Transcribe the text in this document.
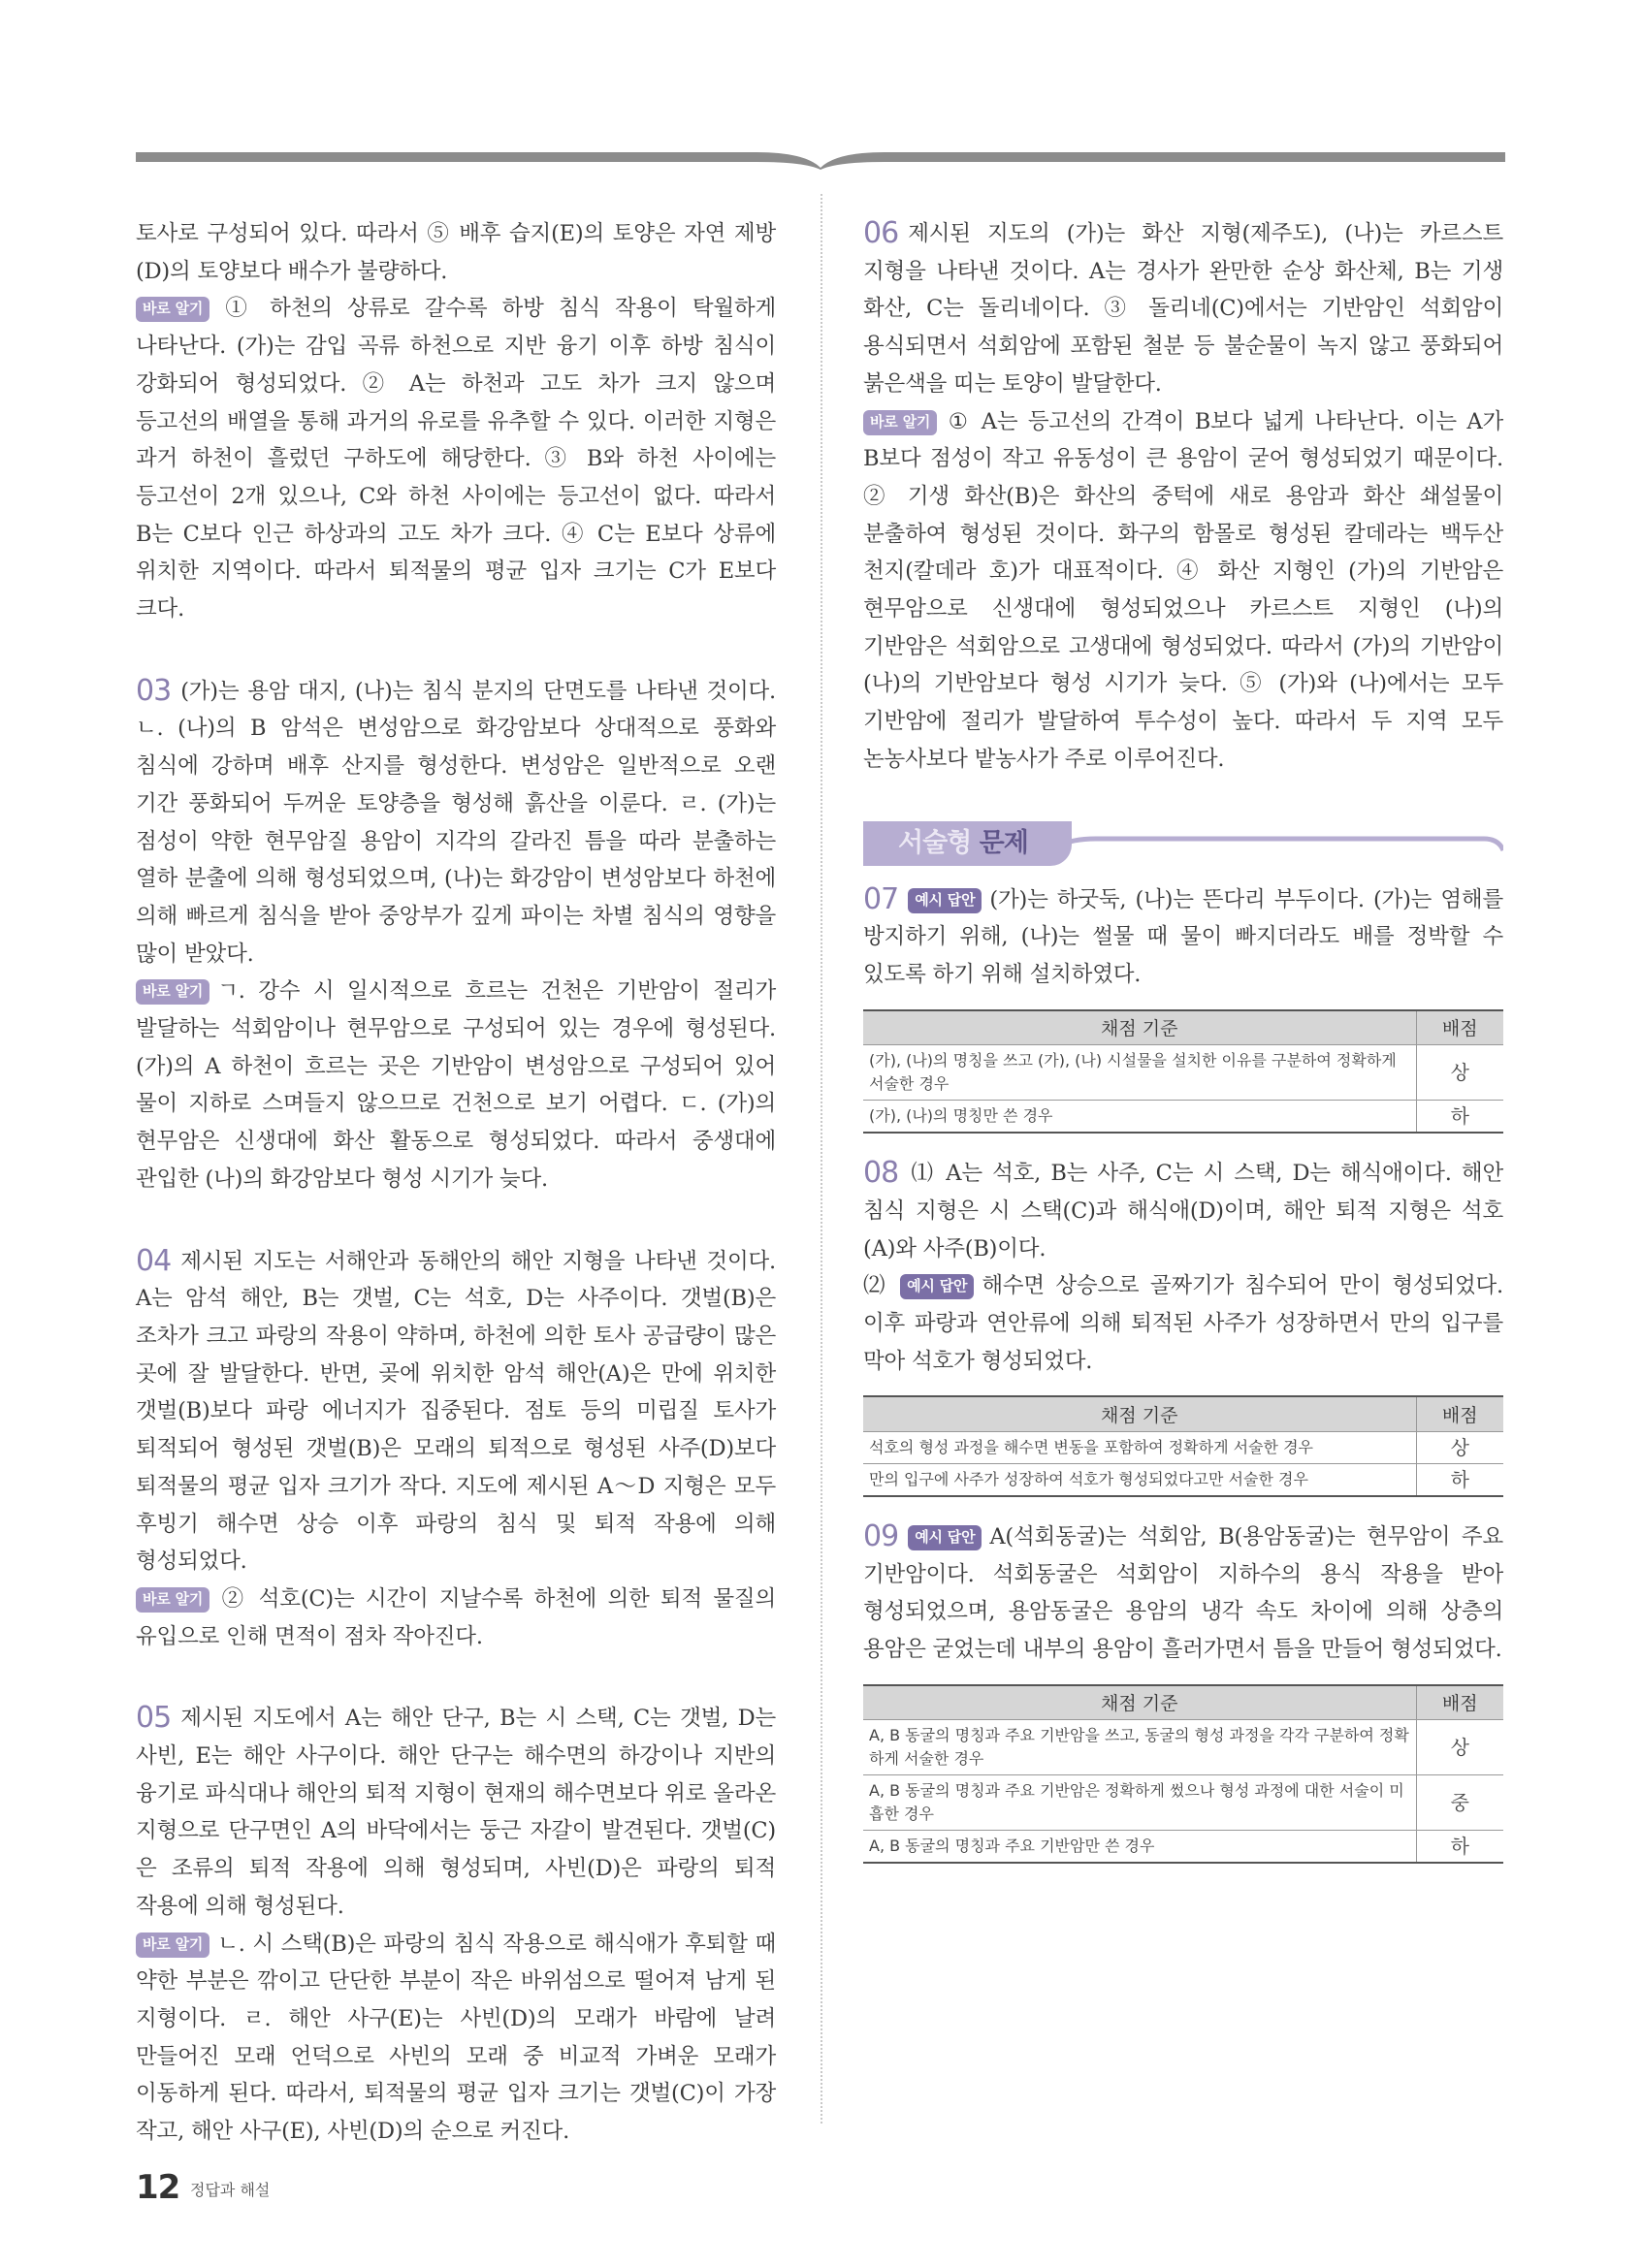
토사로 구성되어 있다. 따라서 ⑤ 배후 습지(E)의 토양은 자연 제방(D)의 토양보다 배수가 불량하다.

바로 알기 ① 하천의 상류로 갈수록 하방 침식 작용이 탁월하게 나타난다. (가)는 감입 곡류 하천으로 지반 융기 이후 하방 침식이 강화되어 형성되었다. ② A는 하천과 고도 차가 크지 않으며 등고선의 배열을 통해 과거의 유로를 유추할 수 있다. 이러한 지형은 과거 하천이 흘렀던 구하도에 해당한다. ③ B와 하천 사이에는 등고선이 2개 있으나, C와 하천 사이에는 등고선이 없다. 따라서 B는 C보다 인근 하상과의 고도 차가 크다. ④ C는 E보다 상류에 위치한 지역이다. 따라서 퇴적물의 평균 입자 크기는 C가 E보다 크다.

03 (가)는 용암 대지, (나)는 침식 분지의 단면도를 나타낸 것이다. ㄴ. (나)의 B 암석은 변성암으로 화강암보다 상대적으로 풍화와 침식에 강하며 배후 산지를 형성한다. 변성암은 일반적으로 오랜 기간 풍화되어 두꺼운 토양층을 형성해 흙산을 이룬다. ㄹ. (가)는 점성이 약한 현무암질 용암이 지각의 갈라진 틈을 따라 분출하는 열하 분출에 의해 형성되었으며, (나)는 화강암이 변성암보다 하천에 의해 빠르게 침식을 받아 중앙부가 깊게 파이는 차별 침식의 영향을 많이 받았다.

바로 알기 ㄱ. 강수 시 일시적으로 흐르는 건천은 기반암이 절리가 발달하는 석회암이나 현무암으로 구성되어 있는 경우에 형성된다. (가)의 A 하천이 흐르는 곳은 기반암이 변성암으로 구성되어 있어 물이 지하로 스며들지 않으므로 건천으로 보기 어렵다. ㄷ. (가)의 현무암은 신생대에 화산 활동으로 형성되었다. 따라서 중생대에 관입한 (나)의 화강암보다 형성 시기가 늦다.

04 제시된 지도는 서해안과 동해안의 해안 지형을 나타낸 것이다. A는 암석 해안, B는 갯벌, C는 석호, D는 사주이다. 갯벌(B)은 조차가 크고 파랑의 작용이 약하며, 하천에 의한 토사 공급량이 많은 곳에 잘 발달한다. 반면, 곶에 위치한 암석 해안(A)은 만에 위치한 갯벌(B)보다 파랑 에너지가 집중된다. 점토 등의 미립질 토사가 퇴적되어 형성된 갯벌(B)은 모래의 퇴적으로 형성된 사주(D)보다 퇴적물의 평균 입자 크기가 작다. 지도에 제시된 A～D 지형은 모두 후빙기 해수면 상승 이후 파랑의 침식 및 퇴적 작용에 의해 형성되었다.

바로 알기 ② 석호(C)는 시간이 지날수록 하천에 의한 퇴적 물질의 유입으로 인해 면적이 점차 작아진다.

05 제시된 지도에서 A는 해안 단구, B는 시 스택, C는 갯벌, D는 사빈, E는 해안 사구이다. 해안 단구는 해수면의 하강이나 지반의 융기로 파식대나 해안의 퇴적 지형이 현재의 해수면보다 위로 올라온 지형으로 단구면인 A의 바닥에서는 둥근 자갈이 발견된다. 갯벌(C)은 조류의 퇴적 작용에 의해 형성되며, 사빈(D)은 파랑의 퇴적 작용에 의해 형성된다.

바로 알기 ㄴ. 시 스택(B)은 파랑의 침식 작용으로 해식애가 후퇴할 때 약한 부분은 깎이고 단단한 부분이 작은 바위섬으로 떨어져 남게 된 지형이다. ㄹ. 해안 사구(E)는 사빈(D)의 모래가 바람에 날려 만들어진 모래 언덕으로 사빈의 모래 중 비교적 가벼운 모래가 이동하게 된다. 따라서, 퇴적물의 평균 입자 크기는 갯벌(C)이 가장 작고, 해안 사구(E), 사빈(D)의 순으로 커진다.

06 제시된 지도의 (가)는 화산 지형(제주도), (나)는 카르스트 지형을 나타낸 것이다. A는 경사가 완만한 순상 화산체, B는 기생 화산, C는 돌리네이다. ③ 돌리네(C)에서는 기반암인 석회암이 용식되면서 석회암에 포함된 철분 등 불순물이 녹지 않고 풍화되어 붉은색을 띠는 토양이 발달한다.

바로 알기 ① A는 등고선의 간격이 B보다 넓게 나타난다. 이는 A가 B보다 점성이 작고 유동성이 큰 용암이 굳어 형성되었기 때문이다. ② 기생 화산(B)은 화산의 중턱에 새로 용암과 화산 쇄설물이 분출하여 형성된 것이다. 화구의 함몰로 형성된 칼데라는 백두산 천지(칼데라 호)가 대표적이다. ④ 화산 지형인 (가)의 기반암은 현무암으로 신생대에 형성되었으나 카르스트 지형인 (나)의 기반암은 석회암으로 고생대에 형성되었다. 따라서 (가)의 기반암이 (나)의 기반암보다 형성 시기가 늦다. ⑤ (가)와 (나)에서는 모두 기반암에 절리가 발달하여 투수성이 높다. 따라서 두 지역 모두 논농사보다 밭농사가 주로 이루어진다.

서술형 문제

07 예시 답안 (가)는 하굿둑, (나)는 뜬다리 부두이다. (가)는 염해를 방지하기 위해, (나)는 썰물 때 물이 빠지더라도 배를 정박할 수 있도록 하기 위해 설치하였다.

채점 기준	배점
(가), (나)의 명칭을 쓰고 (가), (나) 시설물을 설치한 이유를 구분하여 정확하게 서술한 경우	상
(가), (나)의 명칭만 쓴 경우	하

08 ⑴ A는 석호, B는 사주, C는 시 스택, D는 해식애이다. 해안 침식 지형은 시 스택(C)과 해식애(D)이며, 해안 퇴적 지형은 석호(A)와 사주(B)이다.

⑵ 예시 답안 해수면 상승으로 골짜기가 침수되어 만이 형성되었다. 이후 파랑과 연안류에 의해 퇴적된 사주가 성장하면서 만의 입구를 막아 석호가 형성되었다.

채점 기준	배점
석호의 형성 과정을 해수면 변동을 포함하여 정확하게 서술한 경우	상
만의 입구에 사주가 성장하여 석호가 형성되었다고만 서술한 경우	하

09 예시 답안 A(석회동굴)는 석회암, B(용암동굴)는 현무암이 주요 기반암이다. 석회동굴은 석회암이 지하수의 용식 작용을 받아 형성되었으며, 용암동굴은 용암의 냉각 속도 차이에 의해 상층의 용암은 굳었는데 내부의 용암이 흘러가면서 틈을 만들어 형성되었다.

채점 기준	배점
A, B 동굴의 명칭과 주요 기반암을 쓰고, 동굴의 형성 과정을 각각 구분하여 정확하게 서술한 경우	상
A, B 동굴의 명칭과 주요 기반암은 정확하게 썼으나 형성 과정에 대한 서술이 미흡한 경우	중
A, B 동굴의 명칭과 주요 기반암만 쓴 경우	하
12 정답과 해설
